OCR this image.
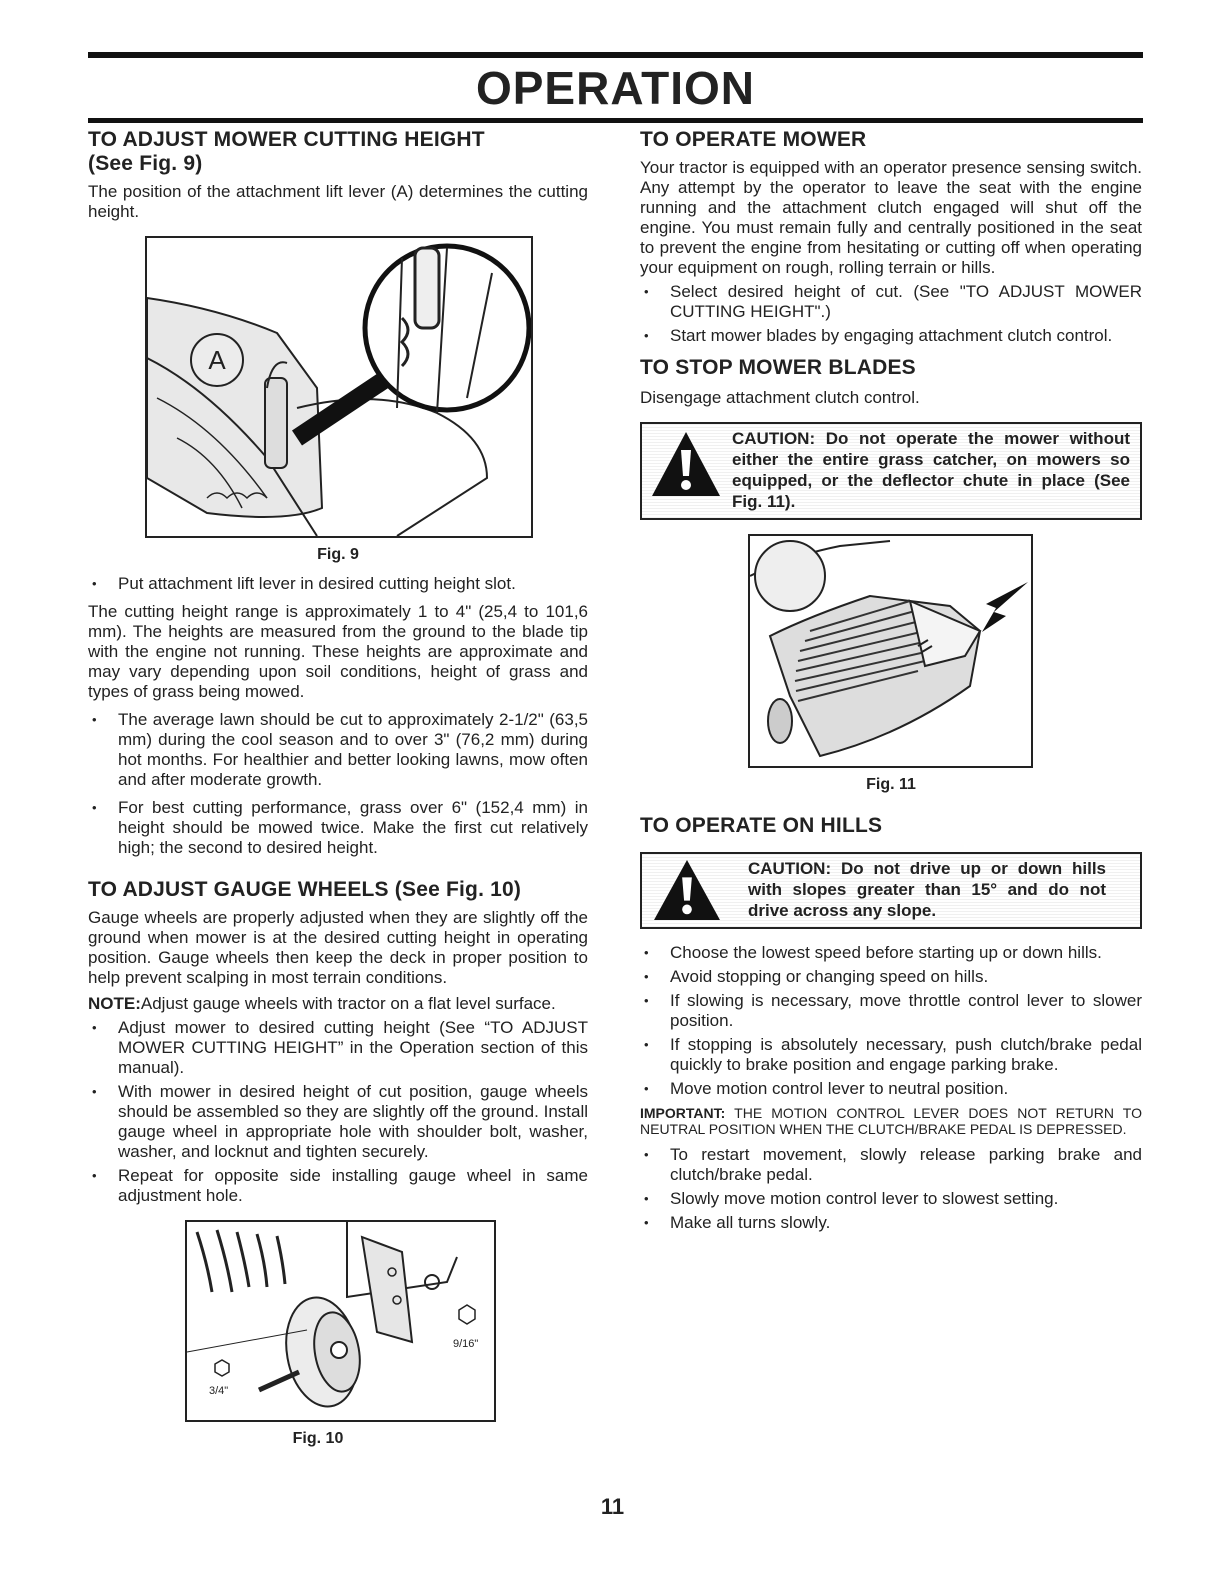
OPERATION
TO ADJUST MOWER CUTTING HEIGHT
(See Fig. 9)

The position of the attachment lift lever (A) determines the cutting height.

A
Fig. 9
• Put attachment lift lever in desired cutting height slot.

The cutting height range is approximately 1 to 4" (25,4 to 101,6 mm). The heights are measured from the ground to the blade tip with the engine not running. These heights are approximate and may vary depending upon soil conditions, height of grass and types of grass being mowed.

• The average lawn should be cut to approximately 2-1/2" (63,5 mm) during the cool season and to over 3" (76,2 mm) during hot months. For healthier and better looking lawns, mow often and after moderate growth.
• For best cutting performance, grass over 6" (152,4 mm) in height should be mowed twice. Make the first cut relatively high; the second to desired height.
TO ADJUST GAUGE WHEELS (See Fig. 10)

Gauge wheels are properly adjusted when they are slightly off the ground when mower is at the desired cutting height in operating position. Gauge wheels then keep the deck in proper position to help prevent scalping in most terrain conditions.

NOTE:Adjust gauge wheels with tractor on a flat level surface.

• Adjust mower to desired cutting height (See “TO ADJUST MOWER CUTTING HEIGHT” in the Operation section of this manual).
• With mower in desired height of cut position, gauge wheels should be assembled so they are slightly off the ground. Install gauge wheel in appropriate hole with shoulder bolt, washer, washer, and locknut and tighten securely.
• Repeat for opposite side installing gauge wheel in same adjustment hole.
9/16"
3/4"
Fig. 10
TO OPERATE MOWER

Your tractor is equipped with an operator presence sensing switch. Any attempt by the operator to leave the seat with the engine running and the attachment clutch engaged will shut off the engine. You must remain fully and centrally positioned in the seat to prevent the engine from hesitating or cutting off when operating your equipment on rough, rolling terrain or hills.

• Select desired height of cut. (See "TO ADJUST MOWER CUTTING HEIGHT".)
• Start mower blades by engaging attachment clutch control.
TO STOP MOWER BLADES

Disengage attachment clutch control.

CAUTION: Do not operate the mower without either the entire grass catcher, on mowers so equipped, or the deflector chute in place (See Fig. 11).
Fig. 11
TO OPERATE ON HILLS
CAUTION: Do not drive up or down hills with slopes greater than 15° and do not drive across any slope.
• Choose the lowest speed before starting up or down hills.
• Avoid stopping or changing speed on hills.
• If slowing is necessary, move throttle control lever to slower position.
• If stopping is absolutely necessary, push clutch/brake pedal quickly to brake position and engage parking brake.
• Move motion control lever to neutral position.

IMPORTANT: THE MOTION CONTROL LEVER DOES NOT RETURN TO NEUTRAL POSITION WHEN THE CLUTCH/BRAKE PEDAL IS DEPRESSED.

• To restart movement, slowly release parking brake and clutch/brake pedal.
• Slowly move motion control lever to slowest setting.
• Make all turns slowly.
11
